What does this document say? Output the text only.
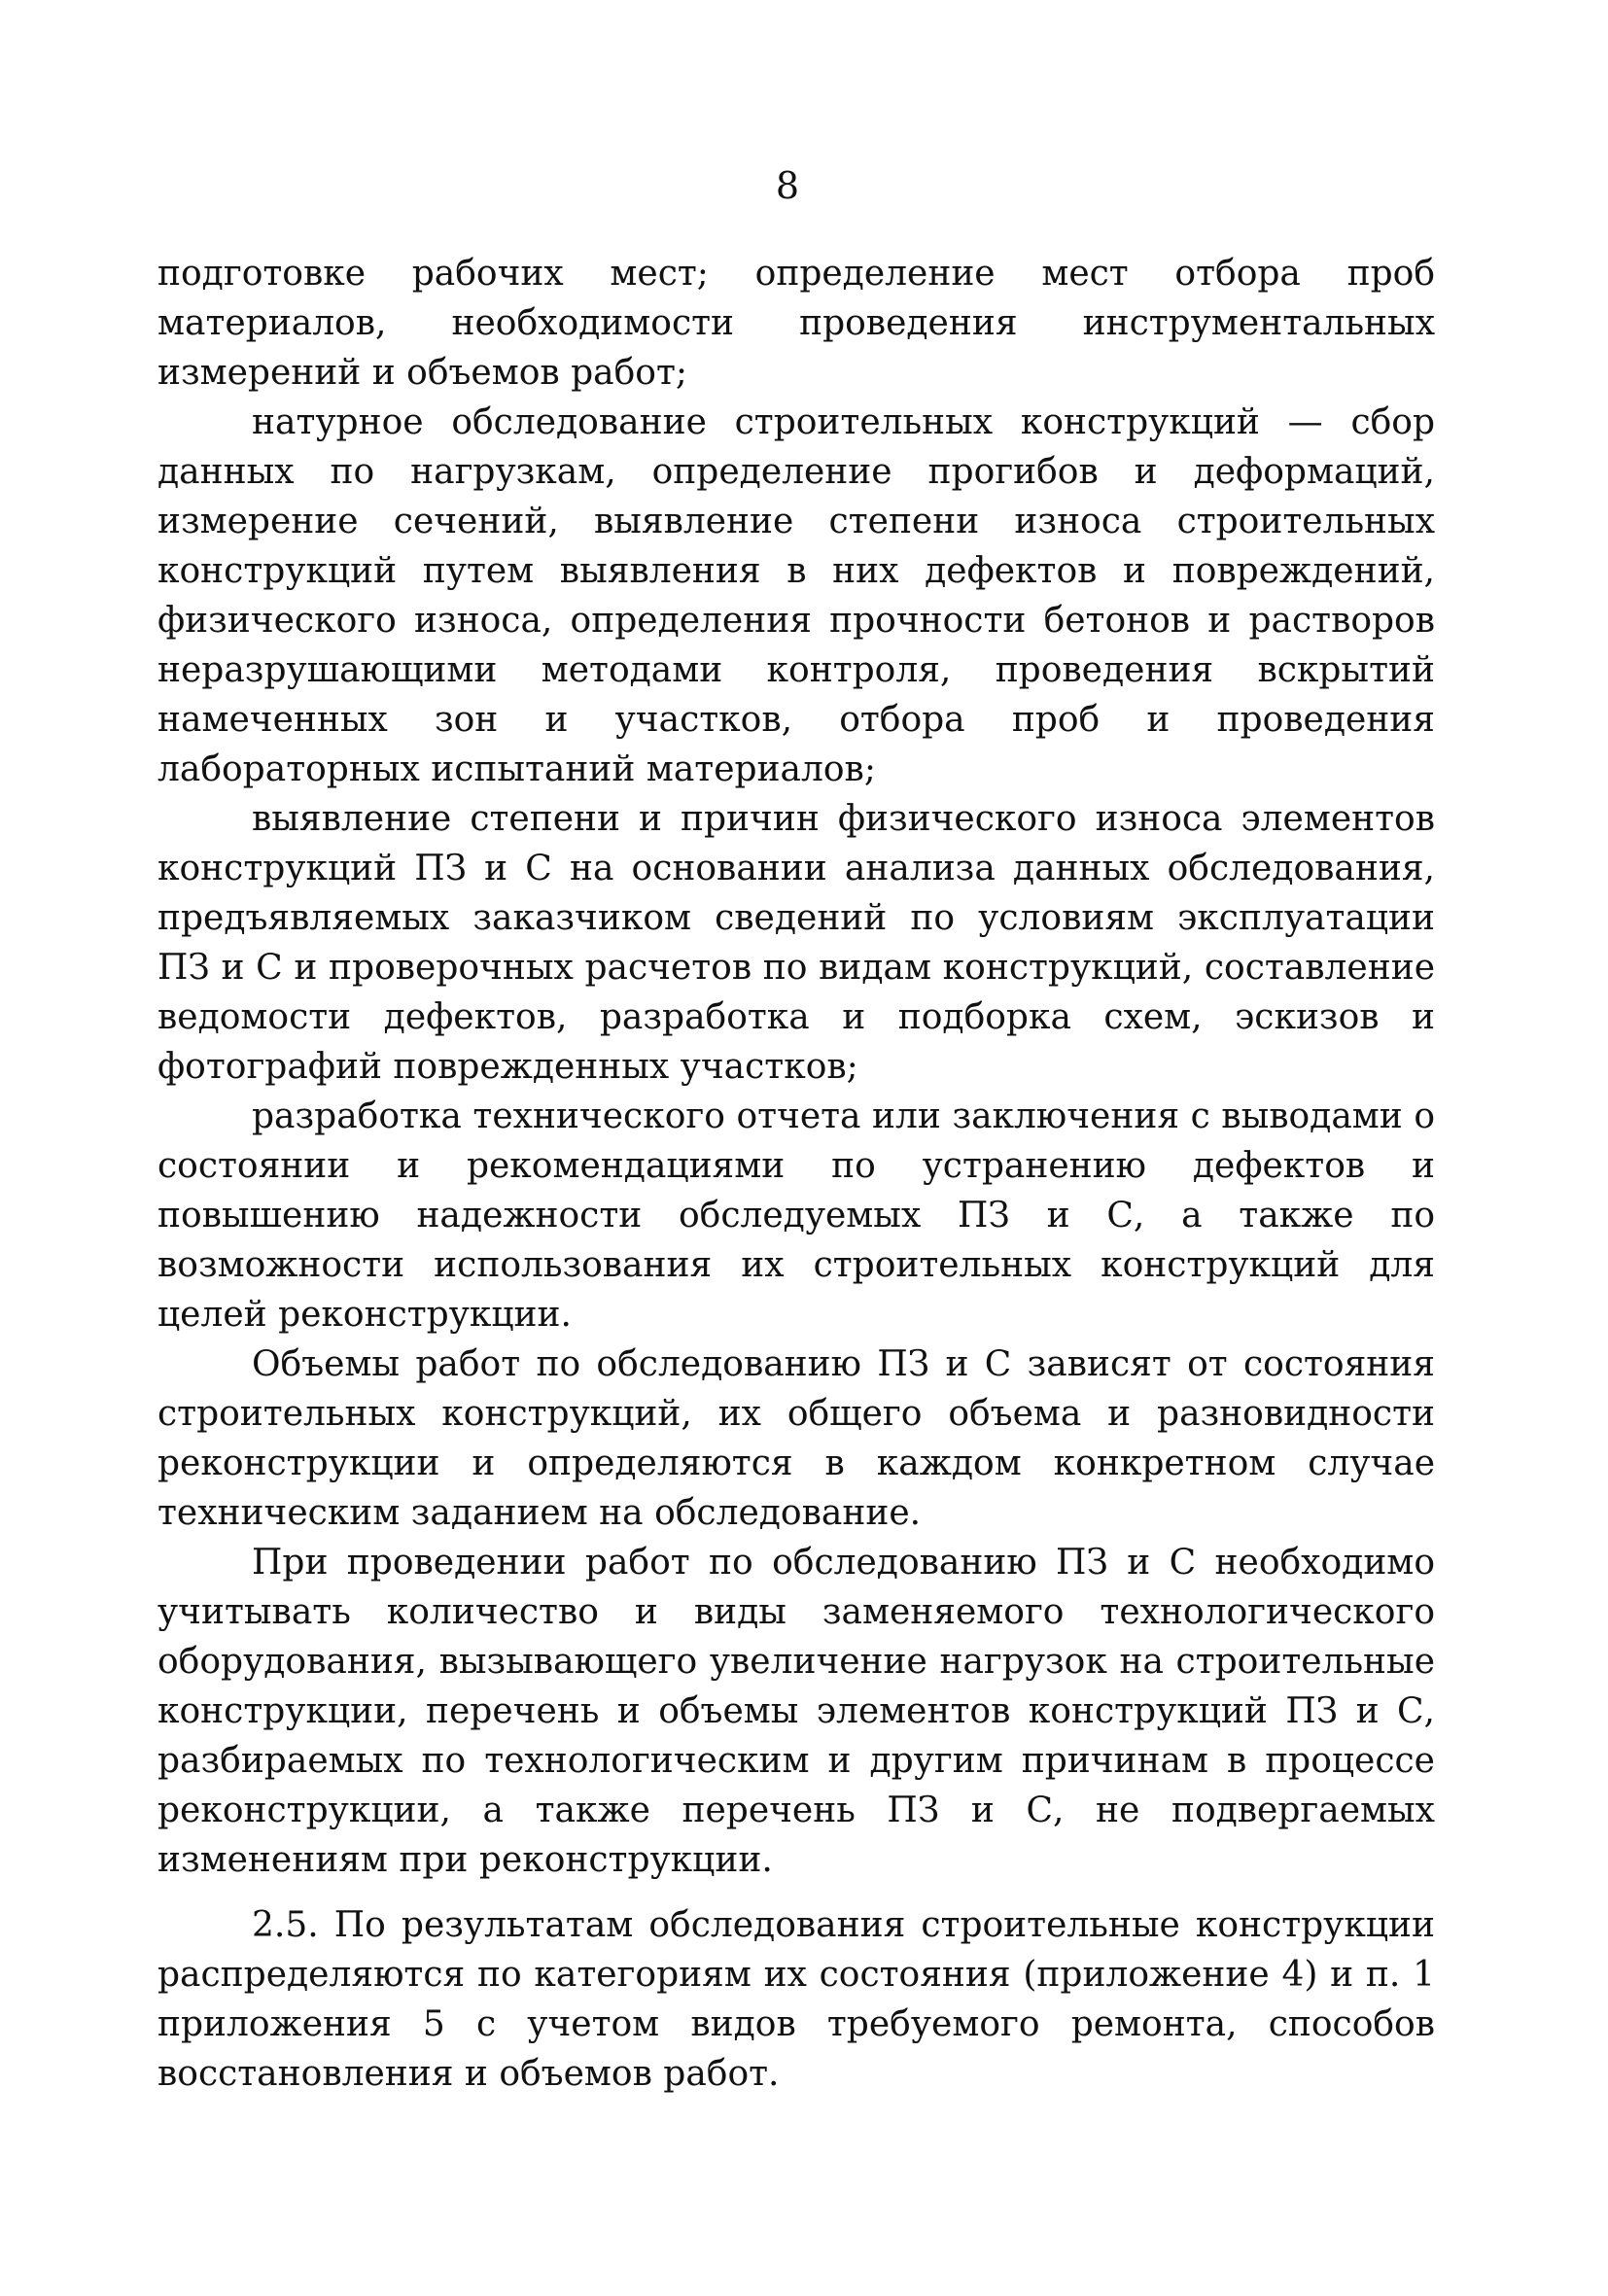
8

подготовке рабочих мест; определение мест отбора проб материалов, необходимости проведения инструментальных измерений и объемов работ;

натурное обследование строительных конструкций — сбор данных по нагрузкам, определение прогибов и деформаций, измерение сечений, выявление степени износа строительных конструкций путем выявления в них дефектов и повреждений, физического износа, определения прочности бетонов и растворов неразрушающими методами контроля, проведения вскрытий намеченных зон и участков, отбора проб и проведения лабораторных испытаний материалов;

выявление степени и причин физического износа элементов конструкций ПЗ и С на основании анализа данных обследования, предъявляемых заказчиком сведений по условиям эксплуатации ПЗ и С и проверочных расчетов по видам конструкций, составление ведомости дефектов, разработка и подборка схем, эскизов и фотографий поврежденных участков;

разработка технического отчета или заключения с выводами о состоянии и рекомендациями по устранению дефектов и повышению надежности обследуемых ПЗ и С, а также по возможности использования их строительных конструкций для целей реконструкции.

Объемы работ по обследованию ПЗ и С зависят от состояния строительных конструкций, их общего объема и разновидности реконструкции и определяются в каждом конкретном случае техническим заданием на обследование.

При проведении работ по обследованию ПЗ и С необходимо учитывать количество и виды заменяемого технологического оборудования, вызывающего увеличение нагрузок на строительные конструкции, перечень и объемы элементов конструкций ПЗ и С, разбираемых по технологическим и другим причинам в процессе реконструкции, а также перечень ПЗ и С, не подвергаемых изменениям при реконструкции.

2.5. По результатам обследования строительные конструкции распределяются по категориям их состояния (приложение 4) и п. 1 приложения 5 с учетом видов требуемого ремонта, способов восстановления и объемов работ.
